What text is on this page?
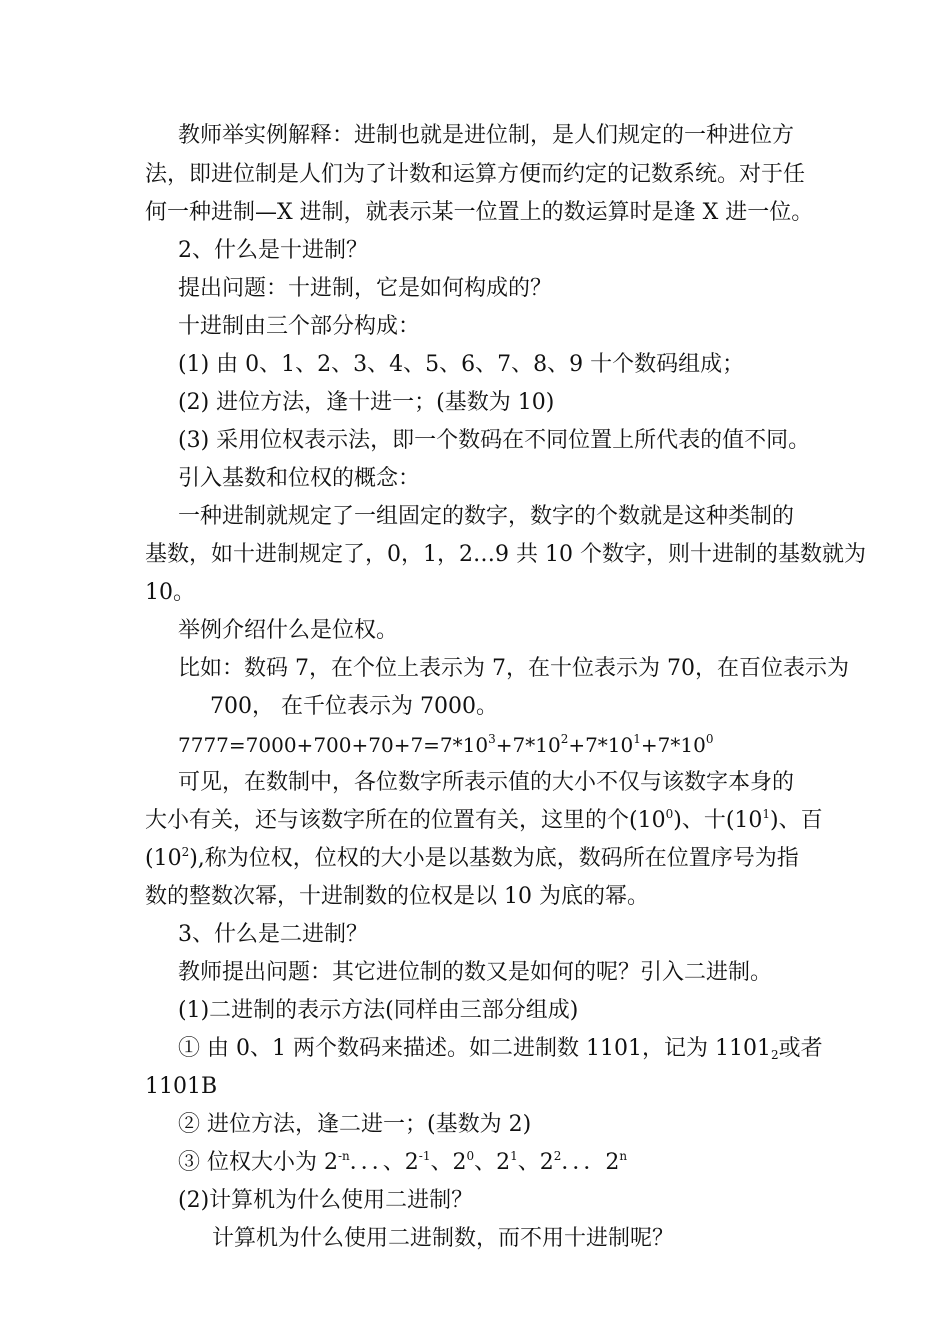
教师举实例解释：进制也就是进位制，是人们规定的一种进位方
法，即进位制是人们为了计数和运算方便而约定的记数系统。对于任
何一种进制—X 进制，就表示某一位置上的数运算时是逢 X 进一位。
2、什么是十进制？
提出问题：十进制，它是如何构成的？
十进制由三个部分构成：
(1) 由 0、1、2、3、4、5、6、7、8、9 十个数码组成；
(2) 进位方法，逢十进一；(基数为 10)
(3) 采用位权表示法，即一个数码在不同位置上所代表的值不同。
引入基数和位权的概念：
一种进制就规定了一组固定的数字，数字的个数就是这种类制的
基数，如十进制规定了，0，1，2…9 共 10 个数字，则十进制的基数就为
10。
举例介绍什么是位权。
比如：数码 7，在个位上表示为 7，在十位表示为 70，在百位表示为
700， 在千位表示为 7000。
$7777=7000+700+70+7=7*10^3+7*10^2+7*10^1+7*10^0$
可见，在数制中，各位数字所表示值的大小不仅与该数字本身的
大小有关，还与该数字所在的位置有关，这里的个$(10^0)$、十$(10^1)$、百
$(10^2)$,称为位权，位权的大小是以基数为底，数码所在位置序号为指
数的整数次幂，十进制数的位权是以 10 为底的幂。
3、什么是二进制？
教师提出问题：其它进位制的数又是如何的呢？引入二进制。
(1)二进制的表示方法(同样由三部分组成)
① 由 0、1 两个数码来描述。如二进制数 1101，记为 $1101_2$或者
1101B
② 进位方法，逢二进一；(基数为 2)
③ 位权大小为 $2^{-n}$．．．、$2^{-1}$、$2^0$、$2^1$、$2^2$．．．2$^n$
(2)计算机为什么使用二进制？
计算机为什么使用二进制数，而不用十进制呢？
